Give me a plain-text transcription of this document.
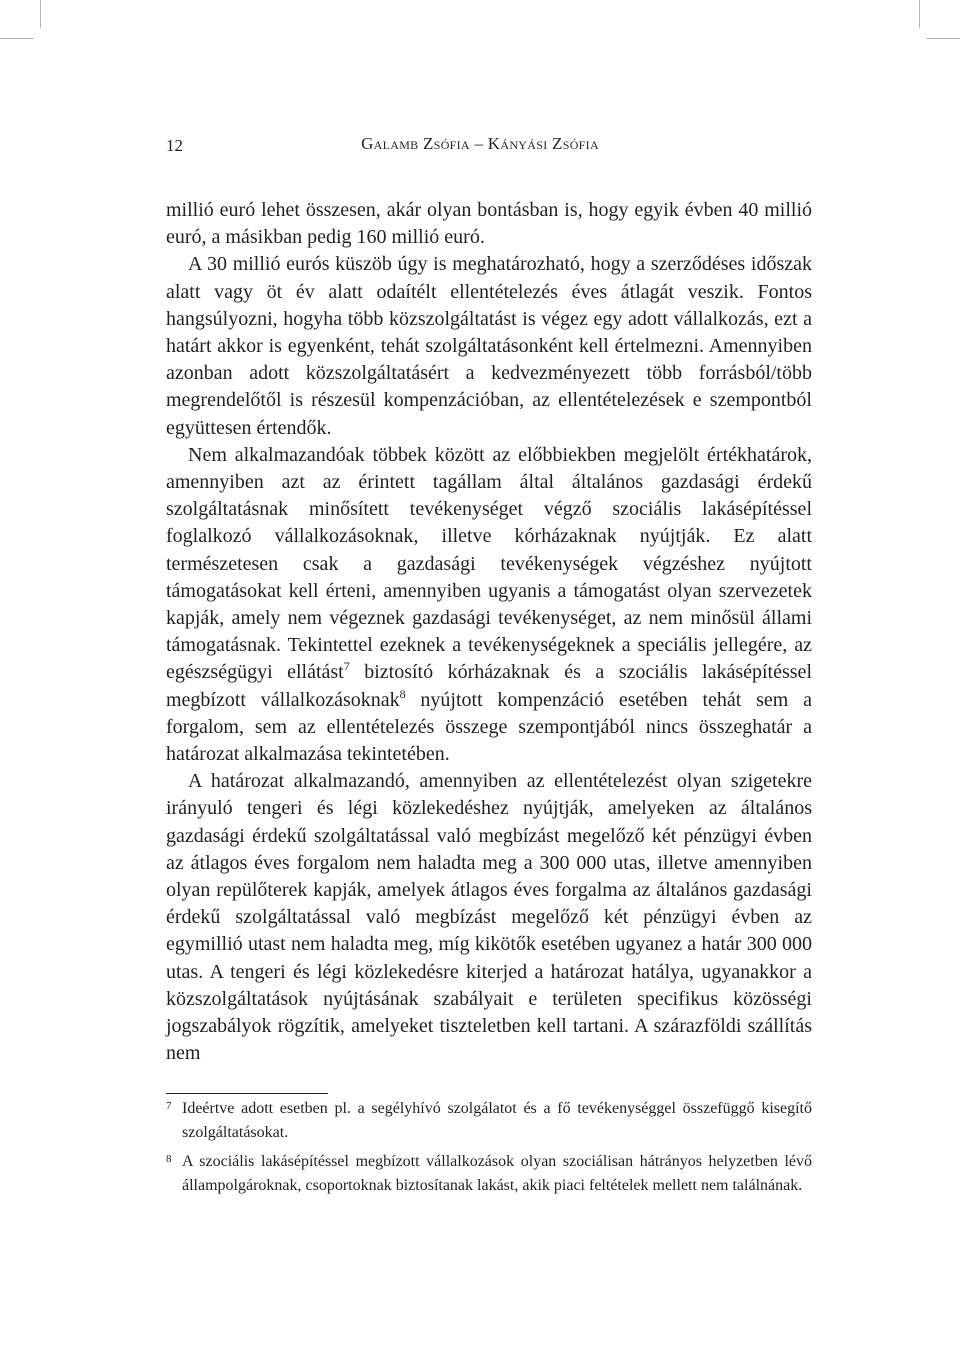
12	Galamb Zsófia – Kányási Zsófia

millió euró lehet összesen, akár olyan bontásban is, hogy egyik évben 40 millió euró, a másikban pedig 160 millió euró.

A 30 millió eurós küszöb úgy is meghatározható, hogy a szerződéses időszak alatt vagy öt év alatt odaítélt ellentételezés éves átlagát veszik. Fontos hangsúlyozni, hogyha több közszolgáltatást is végez egy adott vállalkozás, ezt a határt akkor is egyenként, tehát szolgáltatásonként kell értelmezni. Amennyiben azonban adott közszolgáltatásért a kedvezményezett több forrásból/több megrendelőtől is részesül kompenzációban, az ellentételezések e szempontból együttesen értendők.

Nem alkalmazandóak többek között az előbbiekben megjelölt értékhatárok, amennyiben azt az érintett tagállam által általános gazdasági érdekű szolgáltatásnak minősített tevékenységet végző szociális lakásépítéssel foglalkozó vállalkozásoknak, illetve kórházaknak nyújtják. Ez alatt természetesen csak a gazdasági tevékenységek végzéshez nyújtott támogatásokat kell érteni, amennyiben ugyanis a támogatást olyan szervezetek kapják, amely nem végeznek gazdasági tevékenységet, az nem minősül állami támogatásnak. Tekintettel ezeknek a tevékenységeknek a speciális jellegére, az egészségügyi ellátást$^7$ biztosító kórházaknak és a szociális lakásépítéssel megbízott vállalkozásoknak$^8$ nyújtott kompenzáció esetében tehát sem a forgalom, sem az ellentételezés összege szempontjából nincs összeghatár a határozat alkalmazása tekintetében.

A határozat alkalmazandó, amennyiben az ellentételezést olyan szigetekre irányuló tengeri és légi közlekedéshez nyújtják, amelyeken az általános gazdasági érdekű szolgáltatással való megbízást megelőző két pénzügyi évben az átlagos éves forgalom nem haladta meg a 300 000 utas, illetve amennyiben olyan repülőterek kapják, amelyek átlagos éves forgalma az általános gazdasági érdekű szolgáltatással való megbízást megelőző két pénzügyi évben az egymillió utast nem haladta meg, míg kikötők esetében ugyanez a határ 300 000 utas. A tengeri és légi közlekedésre kiterjed a határozat hatálya, ugyanakkor a közszolgáltatások nyújtásának szabályait e területen specifikus közösségi jogszabályok rögzítik, amelyeket tiszteletben kell tartani. A szárazföldi szállítás nem

7 Ideértve adott esetben pl. a segélyhívó szolgálatot és a fő tevékenységgel összefüggő kisegítő szolgáltatásokat.

8 A szociális lakásépítéssel megbízott vállalkozások olyan szociálisan hátrányos helyzetben lévő állampolgároknak, csoportoknak biztosítanak lakást, akik piaci feltételek mellett nem találnának.
